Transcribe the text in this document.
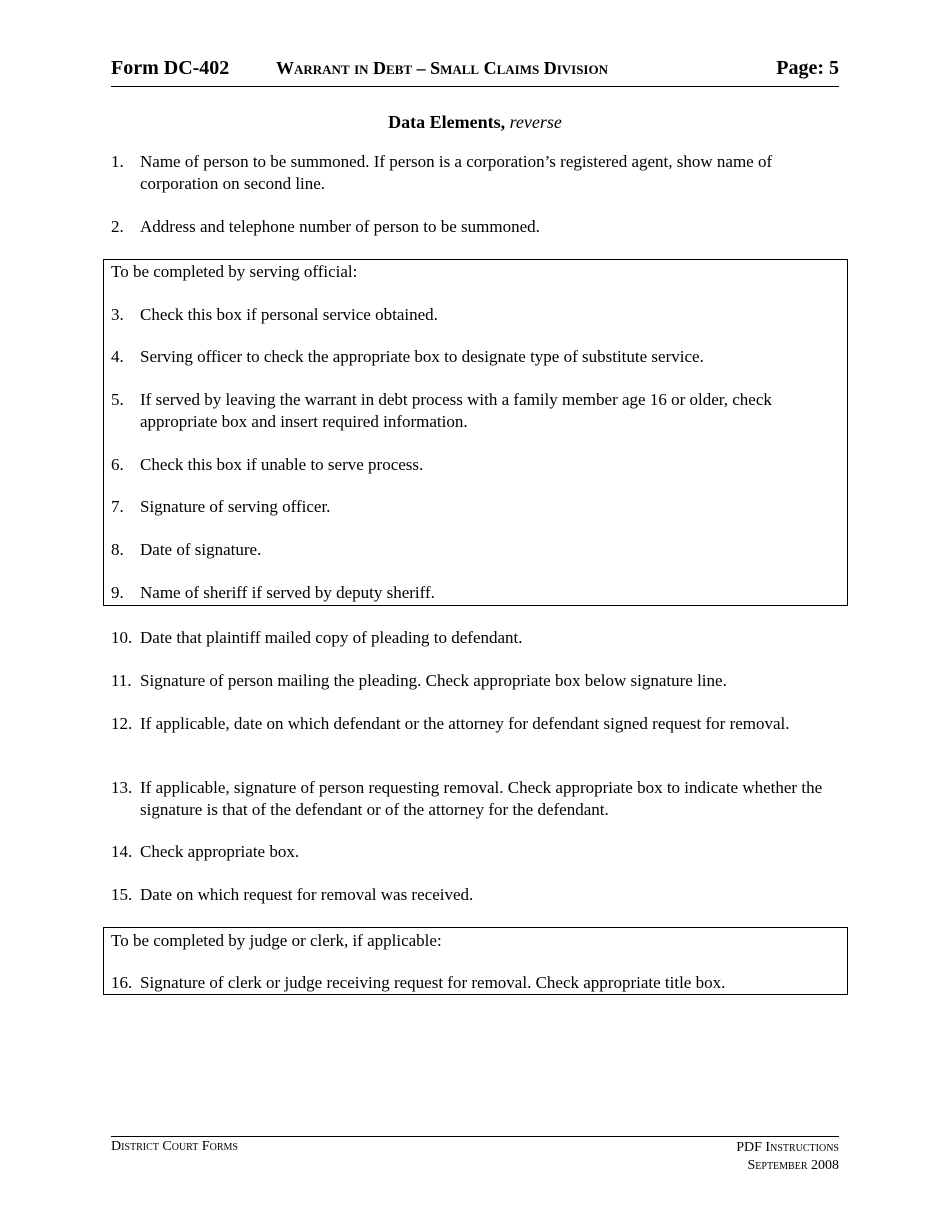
Form DC-402	Warrant in Debt – Small Claims Division	Page: 5
Data Elements, reverse
1. Name of person to be summoned. If person is a corporation’s registered agent, show name of corporation on second line.
2. Address and telephone number of person to be summoned.
To be completed by serving official:
3. Check this box if personal service obtained.
4. Serving officer to check the appropriate box to designate type of substitute service.
5. If served by leaving the warrant in debt process with a family member age 16 or older, check appropriate box and insert required information.
6. Check this box if unable to serve process.
7. Signature of serving officer.
8. Date of signature.
9. Name of sheriff if served by deputy sheriff.
10. Date that plaintiff mailed copy of pleading to defendant.
11. Signature of person mailing the pleading. Check appropriate box below signature line.
12. If applicable, date on which defendant or the attorney for defendant signed request for removal.
13. If applicable, signature of person requesting removal. Check appropriate box to indicate whether the signature is that of the defendant or of the attorney for the defendant.
14. Check appropriate box.
15. Date on which request for removal was received.
To be completed by judge or clerk, if applicable:
16. Signature of clerk or judge receiving request for removal. Check appropriate title box.
District Court Forms	PDF Instructions
September 2008
